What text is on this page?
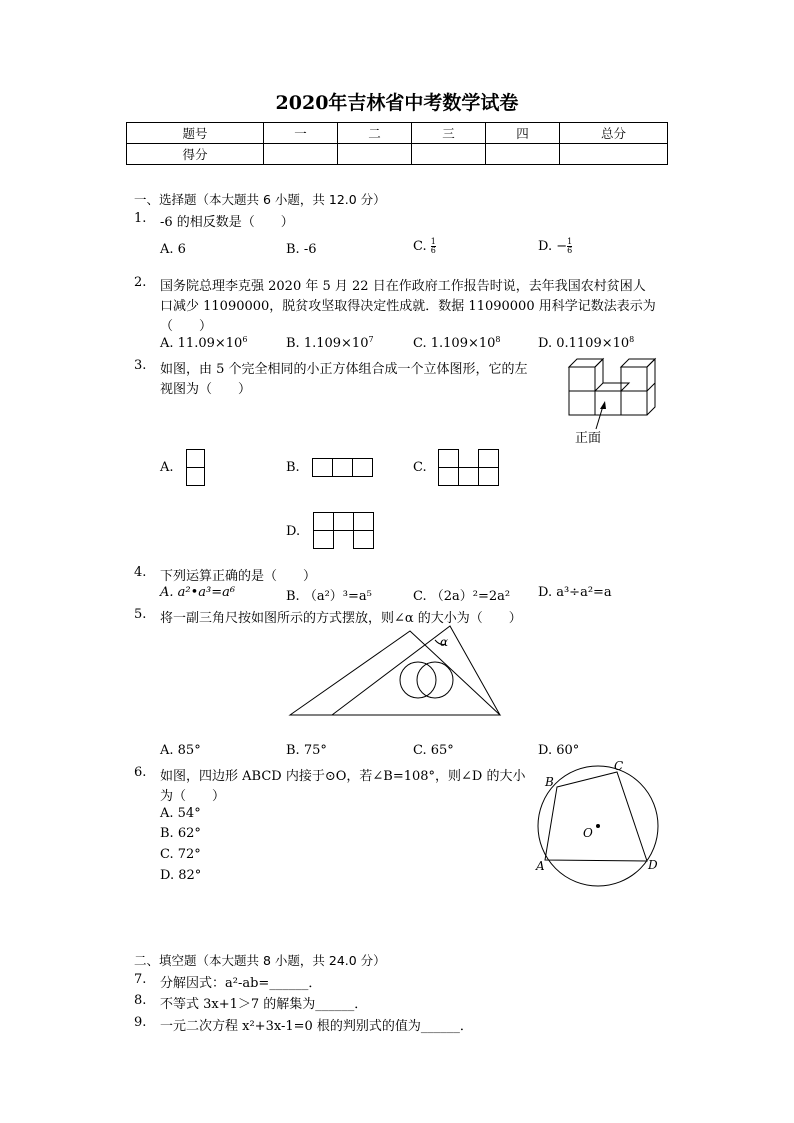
2020年吉林省中考数学试卷
题号	一	二	三	四	总分
得分					
一、选择题（本大题共 6 小题，共 12.0 分）
1. -6 的相反数是（　　）
A. 6	B. -6	C. $\frac{1}{6}$	D. − $\frac{1}{6}$
2. 国务院总理李克强 2020 年 5 月 22 日在作政府工作报告时说，去年我国农村贫困人
口减少 11090000，脱贫攻坚取得决定性成就．数据 11090000 用科学记数法表示为
（　　）
A. $11.09\times 10^6$	B. $1.109\times 10^7$	C. $1.109\times 10^8$	D. $0.1109\times 10^8$
3. 如图，由 5 个完全相同的小正方体组合成一个立体图形，它的左
视图为（　　）
正面
A.	B.	C.
D.
4. 下列运算正确的是（　　）
A. a²•a³=a⁶	B. （a²）³=a⁵	C. （2a）²=2a² D. a³÷a²=a
5. 将一副三角尺按如图所示的方式摆放，则∠α 的大小为（　　）
α
A. 85°	B. 75°	C. 65°	D. 60°
6. 如图，四边形 ABCD 内接于⊙O，若∠B=108°，则∠D 的大小
为（　　）
A. 54°
B. 62°
C. 72°
D. 82°
B
C
A	D
O
二、填空题（本大题共 8 小题，共 24.0 分）
7. 分解因式：a²-ab=______．
8. 不等式 3x+1＞7 的解集为______．
9. 一元二次方程 x²+3x-1=0 根的判别式的值为______．
